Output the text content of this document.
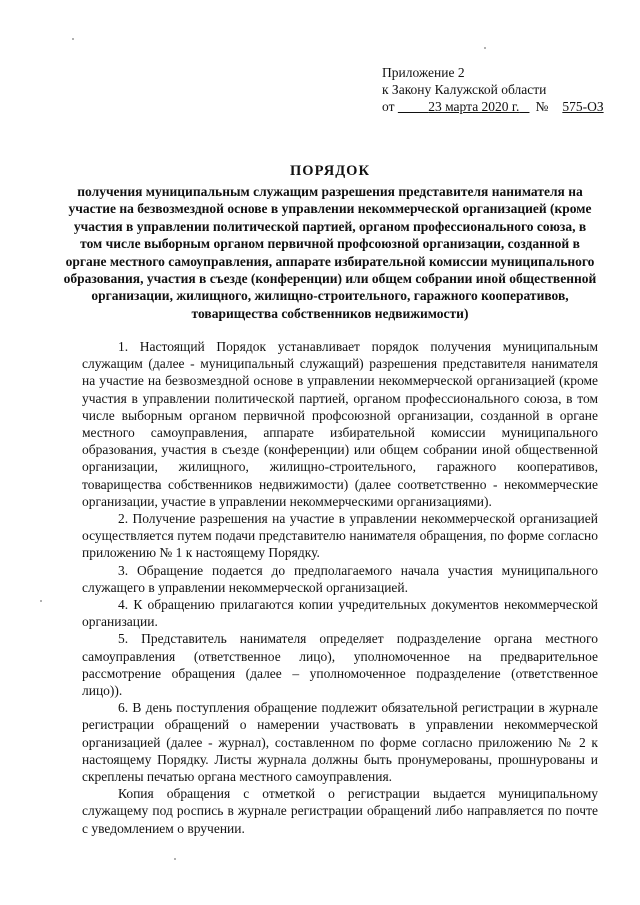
Приложение 2
к Закону Калужской области
от	23 марта 2020 г. № 575-ОЗ
ПОРЯДОК
получения муниципальным служащим разрешения представителя нанимателя на участие на безвозмездной основе в управлении некоммерческой организацией (кроме участия в управлении политической партией, органом профессионального союза, в том числе выборным органом первичной профсоюзной организации, созданной в органе местного самоуправления, аппарате избирательной комиссии муниципального образования, участия в съезде (конференции) или общем собрании иной общественной организации, жилищного, жилищно-строительного, гаражного кооперативов, товарищества собственников недвижимости)

1. Настоящий Порядок устанавливает порядок получения муниципальным служащим (далее - муниципальный служащий) разрешения представителя нанимателя на участие на безвозмездной основе в управлении некоммерческой организацией (кроме участия в управлении политической партией, органом профессионального союза, в том числе выборным органом первичной профсоюзной организации, созданной в органе местного самоуправления, аппарате избирательной комиссии муниципального образования, участия в съезде (конференции) или общем собрании иной общественной организации, жилищного, жилищно-строительного, гаражного кооперативов, товарищества собственников недвижимости) (далее соответственно - некоммерческие организации, участие в управлении некоммерческими организациями).

2. Получение разрешения на участие в управлении некоммерческой организацией осуществляется путем подачи представителю нанимателя обращения, по форме согласно приложению № 1 к настоящему Порядку.

3. Обращение подается до предполагаемого начала участия муниципального служащего в управлении некоммерческой организацией.

4. К обращению прилагаются копии учредительных документов некоммерческой организации.

5. Представитель нанимателя определяет подразделение органа местного самоуправления (ответственное лицо), уполномоченное на предварительное рассмотрение обращения (далее – уполномоченное подразделение (ответственное лицо)).

6. В день поступления обращение подлежит обязательной регистрации в журнале регистрации обращений о намерении участвовать в управлении некоммерческой организацией (далее - журнал), составленном по форме согласно приложению № 2 к настоящему Порядку. Листы журнала должны быть пронумерованы, прошнурованы и скреплены печатью органа местного самоуправления.

Копия обращения с отметкой о регистрации выдается муниципальному служащему под роспись в журнале регистрации обращений либо направляется по почте с уведомлением о вручении.
